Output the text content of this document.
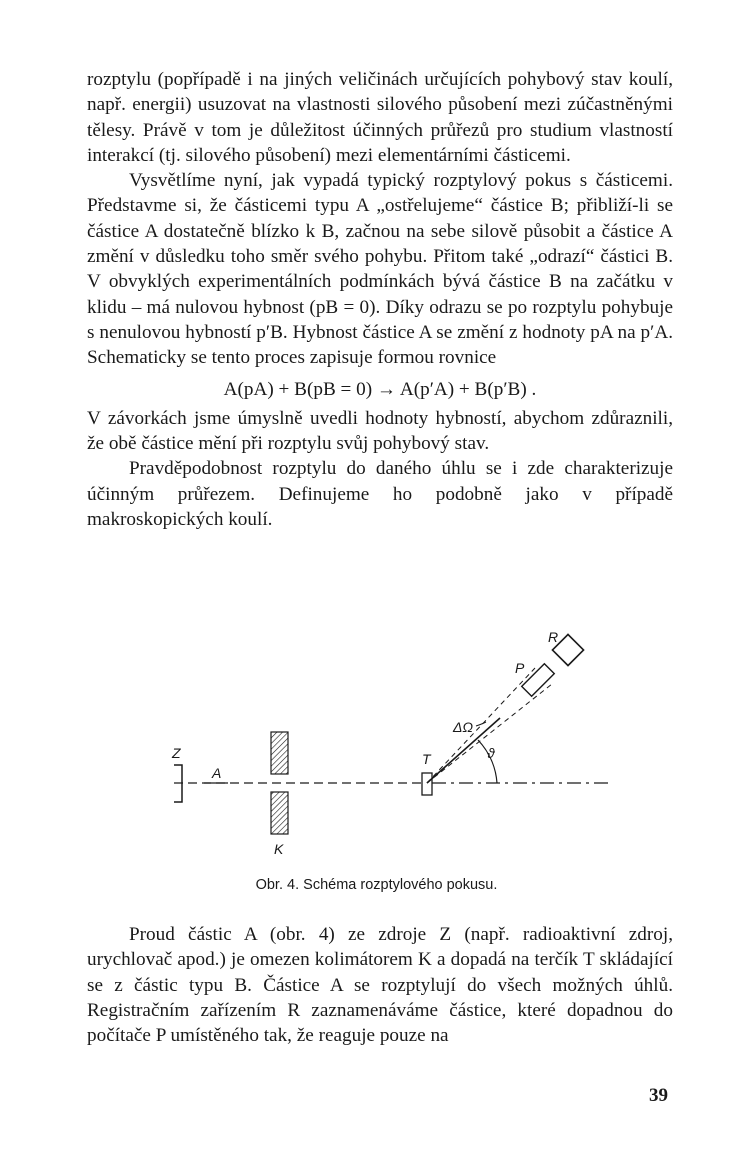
rozptylu (popřípadě i na jiných veličinách určujících pohybový stav koulí, např. energii) usuzovat na vlastnosti silového působení mezi zúčastněnými tělesy. Právě v tom je důležitost účinných průřezů pro studium vlastností interakcí (tj. silového působení) mezi elementárními částicemi.

Vysvětlíme nyní, jak vypadá typický rozptylový pokus s částicemi. Představme si, že částicemi typu A „ostřelujeme“ částice B; přibliží-li se částice A dostatečně blízko k B, začnou na sebe silově působit a částice A změní v důsledku toho směr svého pohybu. Přitom také „odrazí“ částici B. V obvyklých experimentálních podmínkách bývá částice B na začátku v klidu – má nulovou hybnost (pB = 0). Díky odrazu se po rozptylu pohybuje s nenulovou hybností p′B. Hybnost částice A se změní z hodnoty pA na p′A. Schematicky se tento proces zapisuje formou rovnice

A(pA) + B(pB = 0) → A(p′A) + B(p′B) .

V závorkách jsme úmyslně uvedli hodnoty hybností, abychom zdůraznili, že obě částice mění při rozptylu svůj pohybový stav.

Pravděpodobnost rozptylu do daného úhlu se i zde charakterizuje účinným průřezem. Definujeme ho podobně jako v případě makroskopických koulí.

Z
A
K
T	ϑ
ΔΩ
P
R
Obr. 4. Schéma rozptylového pokusu.

Proud částic A (obr. 4) ze zdroje Z (např. radioaktivní zdroj, urychlovač apod.) je omezen kolimátorem K a dopadá na terčík T skládající se z částic typu B. Částice A se rozptylují do všech možných úhlů. Registračním zařízením R zaznamenáváme částice, které dopadnou do počítače P umístěného tak, že reaguje pouze na

39
